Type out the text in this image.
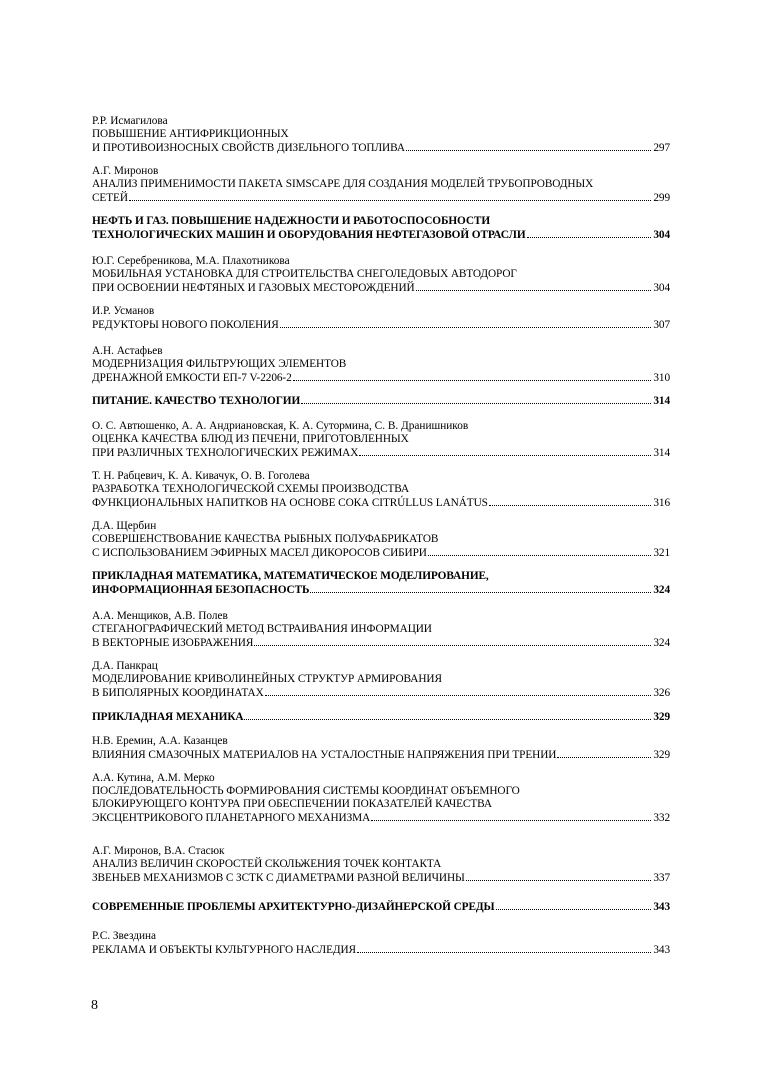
Р.Р. Исмагилова
ПОВЫШЕНИЕ АНТИФРИКЦИОННЫХ
И ПРОТИВОИЗНОСНЫХ СВОЙСТВ ДИЗЕЛЬНОГО ТОПЛИВА	297
А.Г. Миронов
АНАЛИЗ ПРИМЕНИМОСТИ ПАКЕТА SIMSCAPE ДЛЯ СОЗДАНИЯ МОДЕЛЕЙ ТРУБОПРОВОДНЫХ
СЕТЕЙ	299
НЕФТЬ И ГАЗ. ПОВЫШЕНИЕ НАДЕЖНОСТИ И РАБОТОСПОСОБНОСТИ
ТЕХНОЛОГИЧЕСКИХ МАШИН И ОБОРУДОВАНИЯ НЕФТЕГАЗОВОЙ ОТРАСЛИ	304
Ю.Г. Серебреникова, М.А. Плахотникова
МОБИЛЬНАЯ УСТАНОВКА ДЛЯ СТРОИТЕЛЬСТВА СНЕГОЛЕДОВЫХ АВТОДОРОГ
ПРИ ОСВОЕНИИ НЕФТЯНЫХ И ГАЗОВЫХ МЕСТОРОЖДЕНИЙ	304
И.Р. Усманов
РЕДУКТОРЫ НОВОГО ПОКОЛЕНИЯ	307
А.Н. Астафьев
МОДЕРНИЗАЦИЯ ФИЛЬТРУЮЩИХ ЭЛЕМЕНТОВ
ДРЕНАЖНОЙ ЕМКОСТИ ЕП-7 V-2206-2	310
ПИТАНИЕ. КАЧЕСТВО ТЕХНОЛОГИИ	314
О. С. Автюшенко, А. А. Андриановская, К. А. Сутормина, С. В. Дранишников
ОЦЕНКА КАЧЕСТВА БЛЮД ИЗ ПЕЧЕНИ, ПРИГОТОВЛЕННЫХ
ПРИ РАЗЛИЧНЫХ ТЕХНОЛОГИЧЕСКИХ РЕЖИМАХ	314
Т. Н. Рабцевич, К. А. Кивачук, О. В. Гоголева
РАЗРАБОТКА ТЕХНОЛОГИЧЕСКОЙ СХЕМЫ ПРОИЗВОДСТВА
ФУНКЦИОНАЛЬНЫХ НАПИТКОВ НА ОСНОВЕ СОКА CITRÚLLUS LANÁTUS	316
Д.А. Щербин
СОВЕРШЕНСТВОВАНИЕ КАЧЕСТВА РЫБНЫХ ПОЛУФАБРИКАТОВ
С ИСПОЛЬЗОВАНИЕМ ЭФИРНЫХ МАСЕЛ ДИКОРОСОВ СИБИРИ	321
ПРИКЛАДНАЯ МАТЕМАТИКА, МАТЕМАТИЧЕСКОЕ МОДЕЛИРОВАНИЕ,
ИНФОРМАЦИОННАЯ БЕЗОПАСНОСТЬ	324
А.А. Менщиков, А.В. Полев
СТЕГАНОГРАФИЧЕСКИЙ МЕТОД ВСТРАИВАНИЯ ИНФОРМАЦИИ
В ВЕКТОРНЫЕ ИЗОБРАЖЕНИЯ	324
Д.А. Панкрац
МОДЕЛИРОВАНИЕ КРИВОЛИНЕЙНЫХ СТРУКТУР АРМИРОВАНИЯ
В БИПОЛЯРНЫХ КООРДИНАТАХ	326
ПРИКЛАДНАЯ МЕХАНИКА	329
Н.В. Еремин, А.А. Казанцев
ВЛИЯНИЯ СМАЗОЧНЫХ МАТЕРИАЛОВ НА УСТАЛОСТНЫЕ НАПРЯЖЕНИЯ ПРИ ТРЕНИИ	329
А.А. Кутина, А.М. Мерко
ПОСЛЕДОВАТЕЛЬНОСТЬ ФОРМИРОВАНИЯ СИСТЕМЫ КООРДИНАТ ОБЪЕМНОГО
БЛОКИРУЮЩЕГО КОНТУРА ПРИ ОБЕСПЕЧЕНИИ ПОКАЗАТЕЛЕЙ КАЧЕСТВА
ЭКСЦЕНТРИКОВОГО ПЛАНЕТАРНОГО МЕХАНИЗМА	332
А.Г. Миронов, В.А. Стасюк
АНАЛИЗ ВЕЛИЧИН СКОРОСТЕЙ СКОЛЬЖЕНИЯ ТОЧЕК КОНТАКТА
ЗВЕНЬЕВ МЕХАНИЗМОВ С ЗСТК С ДИАМЕТРАМИ РАЗНОЙ ВЕЛИЧИНЫ	337
СОВРЕМЕННЫЕ ПРОБЛЕМЫ АРХИТЕКТУРНО-ДИЗАЙНЕРСКОЙ СРЕДЫ	343
Р.С. Звездина
РЕКЛАМА И ОБЪЕКТЫ КУЛЬТУРНОГО НАСЛЕДИЯ	343
8
